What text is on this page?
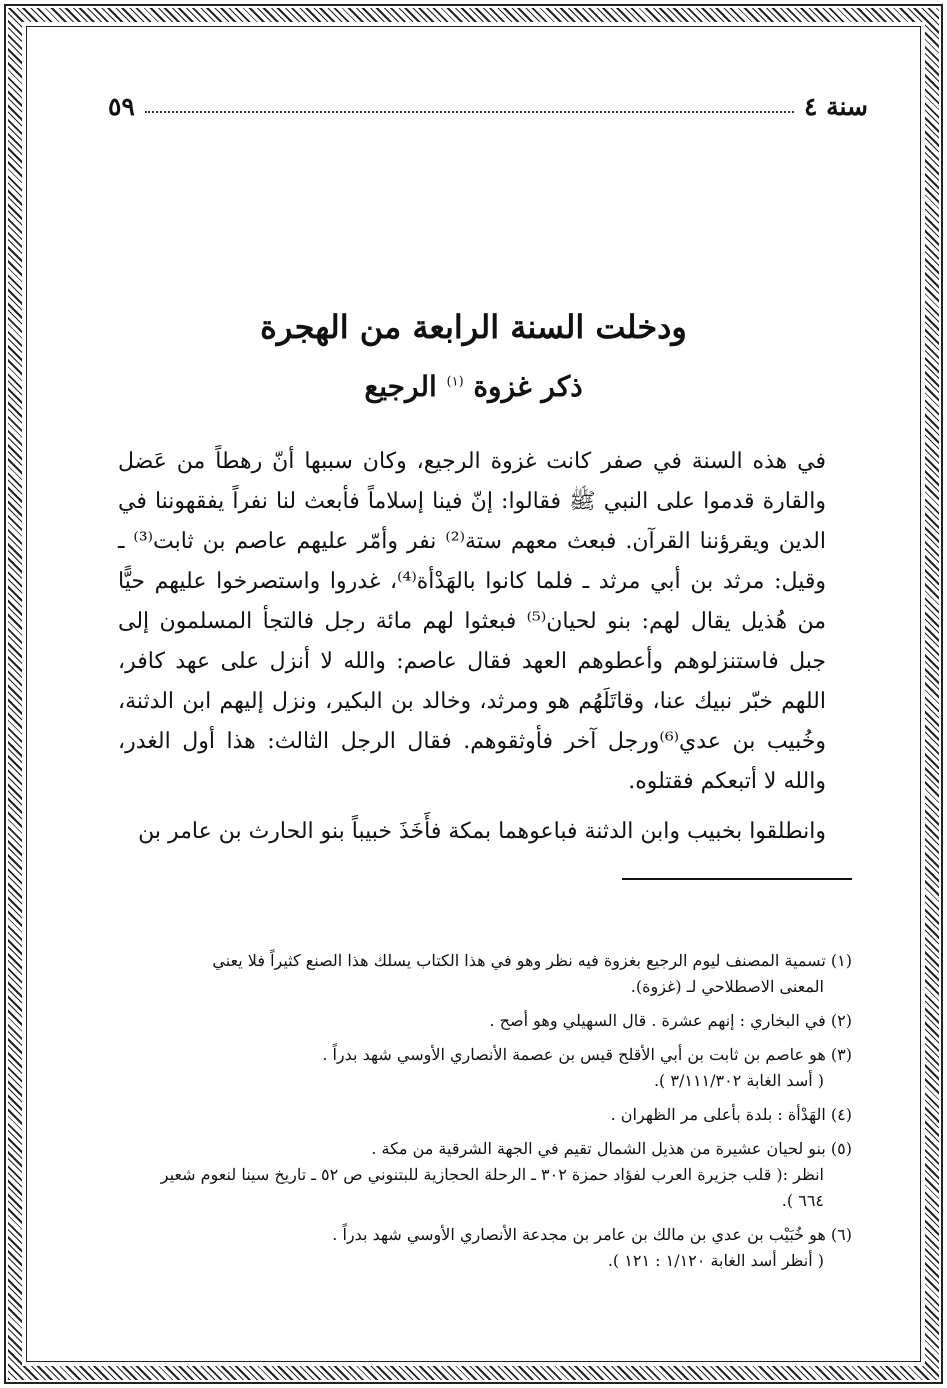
سنة ٤
٥٩
ودخلت السنة الرابعة من الهجرة
ذكر غزوة $^{(١)}$ الرجيع

في هذه السنة في صفر كانت غزوة الرجيع، وكان سببها أنّ رهطاً من عَضل والقارة قدموا على النبي ﷺ فقالوا: إنّ فينا إسلاماً فأبعث لنا نفراً يفقهوننا في الدين ويقرؤننا القرآن. فبعث معهم ستة⁽²⁾ نفر وأمّر عليهم عاصم بن ثابت⁽³⁾ ـ وقيل: مرثد بن أبي مرثد ـ فلما كانوا بالهَدْأة⁽⁴⁾، غدروا واستصرخوا عليهم حيًّا من هُذيل يقال لهم: بنو لحيان⁽⁵⁾ فبعثوا لهم مائة رجل فالتجأ المسلمون إلى جبل فاستنزلوهم وأعطوهم العهد فقال عاصم: والله لا أنزل على عهد كافر، اللهم خبّر نبيك عنا، وقاتَلَهُم هو ومرثد، وخالد بن البكير، ونزل إليهم ابن الدثنة، وخُبيب بن عدي⁽⁶⁾ورجل آخر فأوثقوهم. فقال الرجل الثالث: هذا أول الغدر، والله لا أتبعكم فقتلوه.

وانطلقوا بخبيب وابن الدثنة فباعوهما بمكة فأَخَذَ خبيباً بنو الحارث بن عامر بن

(١) تسمية المصنف ليوم الرجيع بغزوة فيه نظر وهو في هذا الكتاب يسلك هذا الصنع كثيراً فلا يعني
المعنى الاصطلاحي لـ (غزوة).
(٢) في البخاري : إنهم عشرة . قال السهيلي وهو أصح .
(٣) هو عاصم بن ثابت بن أبي الأقلح قيس بن عصمة الأنصاري الأوسي شهد بدراً .
( أسد الغابة ٣/١١١/٣٠٢ ).
(٤) الهَدْأة : بلدة بأعلى مر الظهران .
(٥) بنو لحيان عشيرة من هذيل الشمال تقيم في الجهة الشرقية من مكة .
انظر :( قلب جزيرة العرب لفؤاد حمزة ٣٠٢ ـ الرحلة الحجازية للبتنوني ص ٥٢ ـ تاريخ سينا لنعوم شعير
٦٦٤ ).
(٦) هو خُبَيْب بن عدي بن مالك بن عامر بن مجدعة الأنصاري الأوسي شهد بدراً .
( أنظر أسد الغابة ١/١٢٠ : ١٢١ ).
